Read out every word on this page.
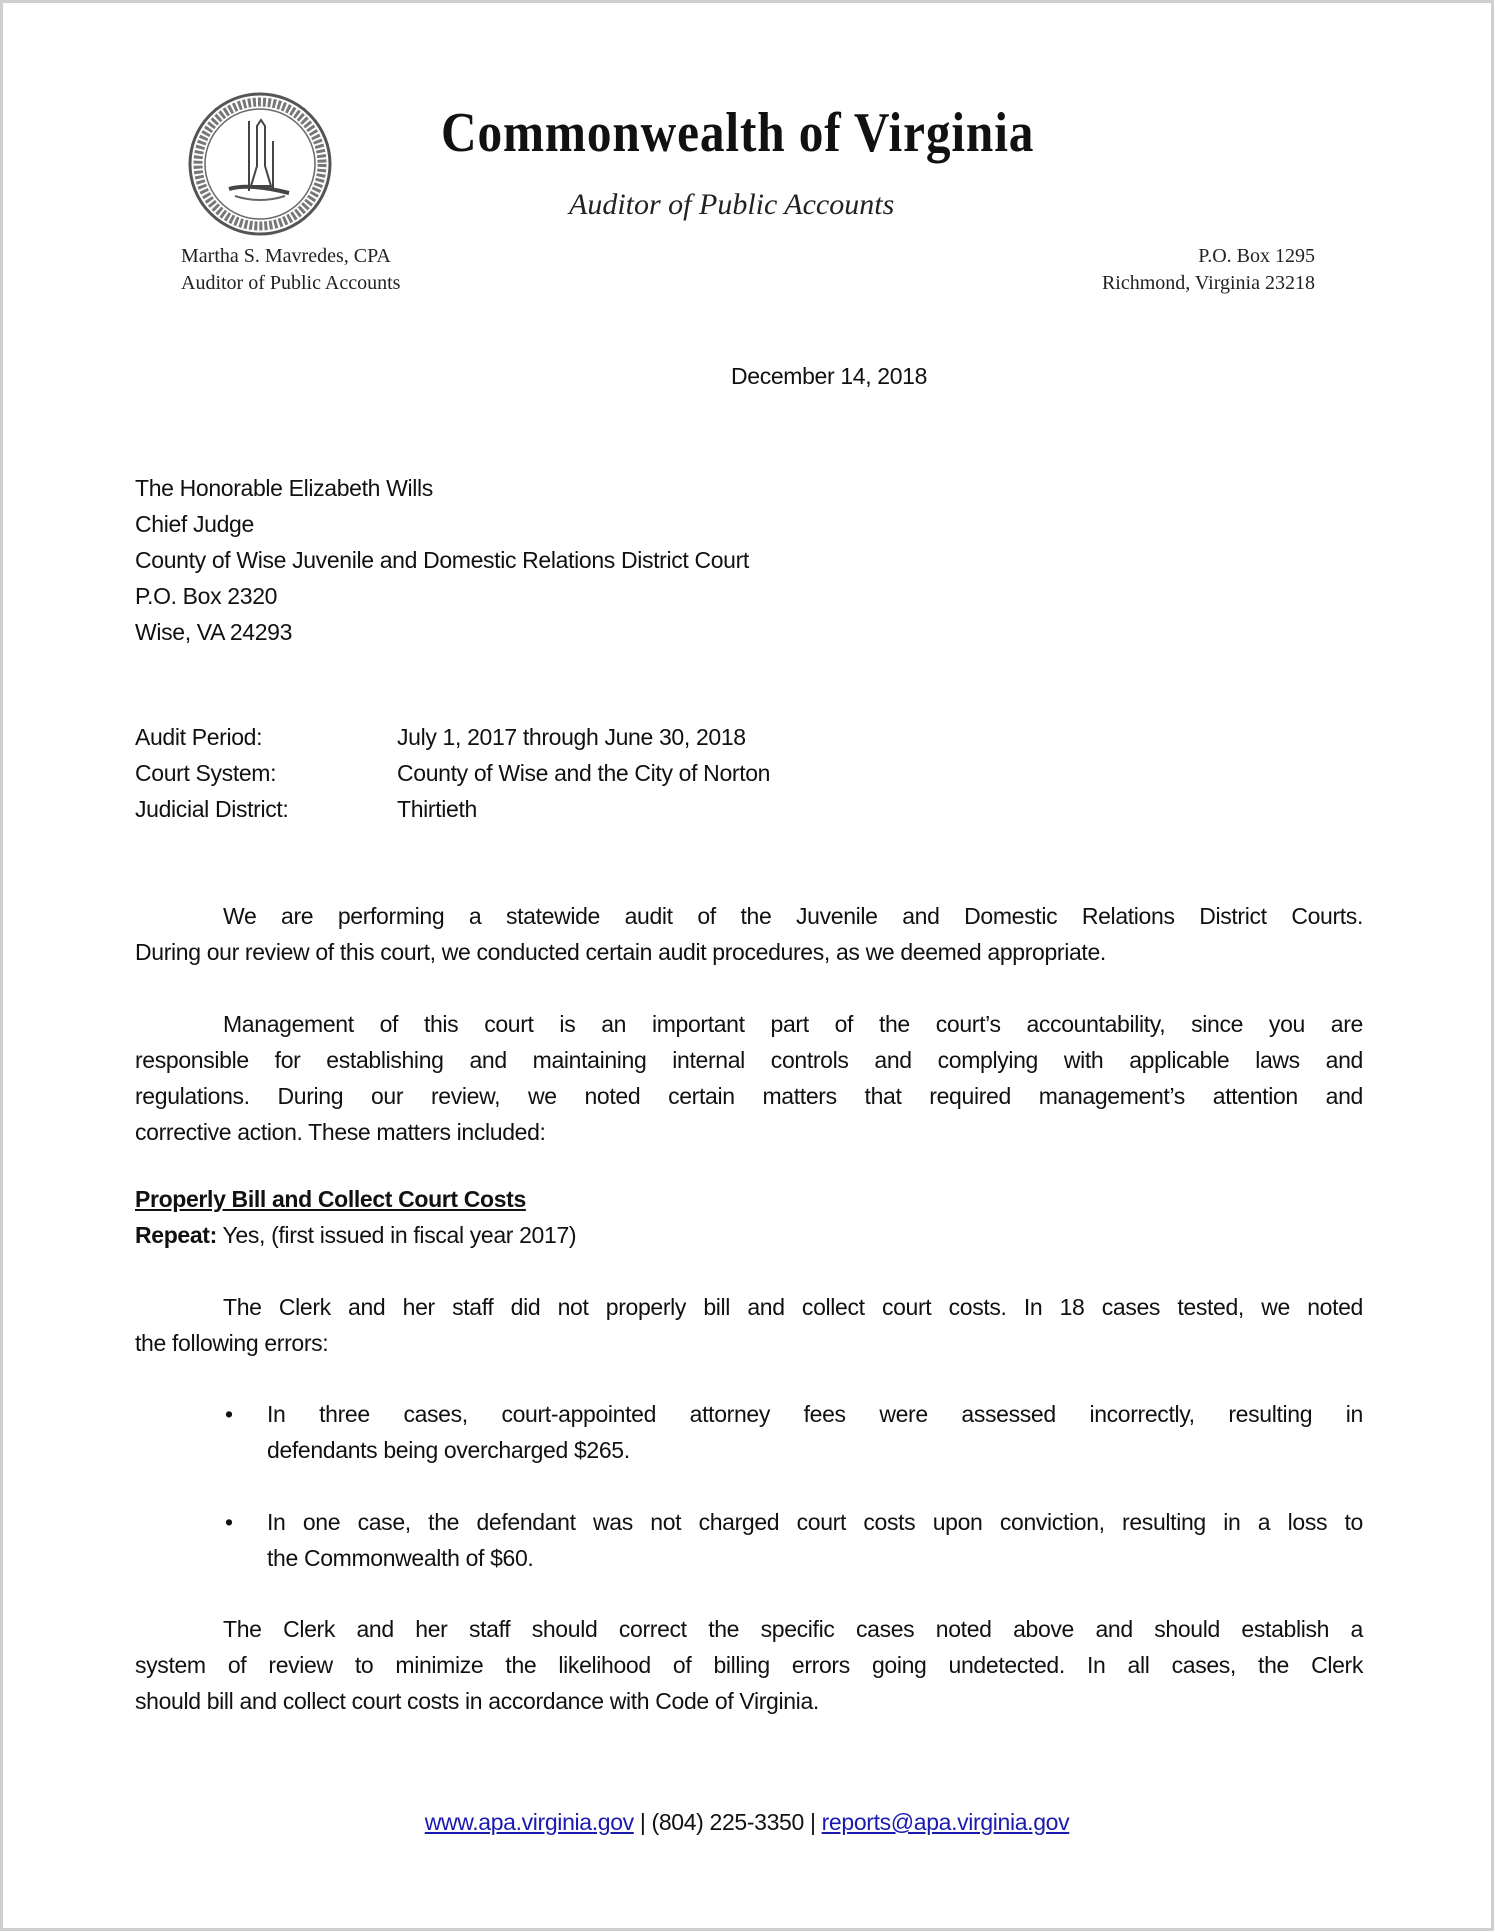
Commonwealth of Virginia
Auditor of Public Accounts
Martha S. Mavredes, CPA
Auditor of Public Accounts
P.O. Box 1295
Richmond, Virginia 23218
December 14, 2018
The Honorable Elizabeth Wills
Chief Judge
County of Wise Juvenile and Domestic Relations District Court
P.O. Box 2320
Wise, VA 24293
Audit Period:	July 1, 2017 through June 30, 2018
Court System:	County of Wise and the City of Norton
Judicial District:	Thirtieth
We are performing a statewide audit of the Juvenile and Domestic Relations District Courts.
During our review of this court, we conducted certain audit procedures, as we deemed appropriate.
Management of this court is an important part of the court’s accountability, since you are
responsible for establishing and maintaining internal controls and complying with applicable laws and
regulations. During our review, we noted certain matters that required management’s attention and
corrective action. These matters included:
Properly Bill and Collect Court Costs
Repeat: Yes, (first issued in fiscal year 2017)
The Clerk and her staff did not properly bill and collect court costs. In 18 cases tested, we noted
the following errors:
•	In three cases, court-appointed attorney fees were assessed incorrectly, resulting in
defendants being overcharged $265.
•	In one case, the defendant was not charged court costs upon conviction, resulting in a loss to
the Commonwealth of $60.
The Clerk and her staff should correct the specific cases noted above and should establish a
system of review to minimize the likelihood of billing errors going undetected. In all cases, the Clerk
should bill and collect court costs in accordance with Code of Virginia.
www.apa.virginia.gov | (804) 225-3350 | reports@apa.virginia.gov
